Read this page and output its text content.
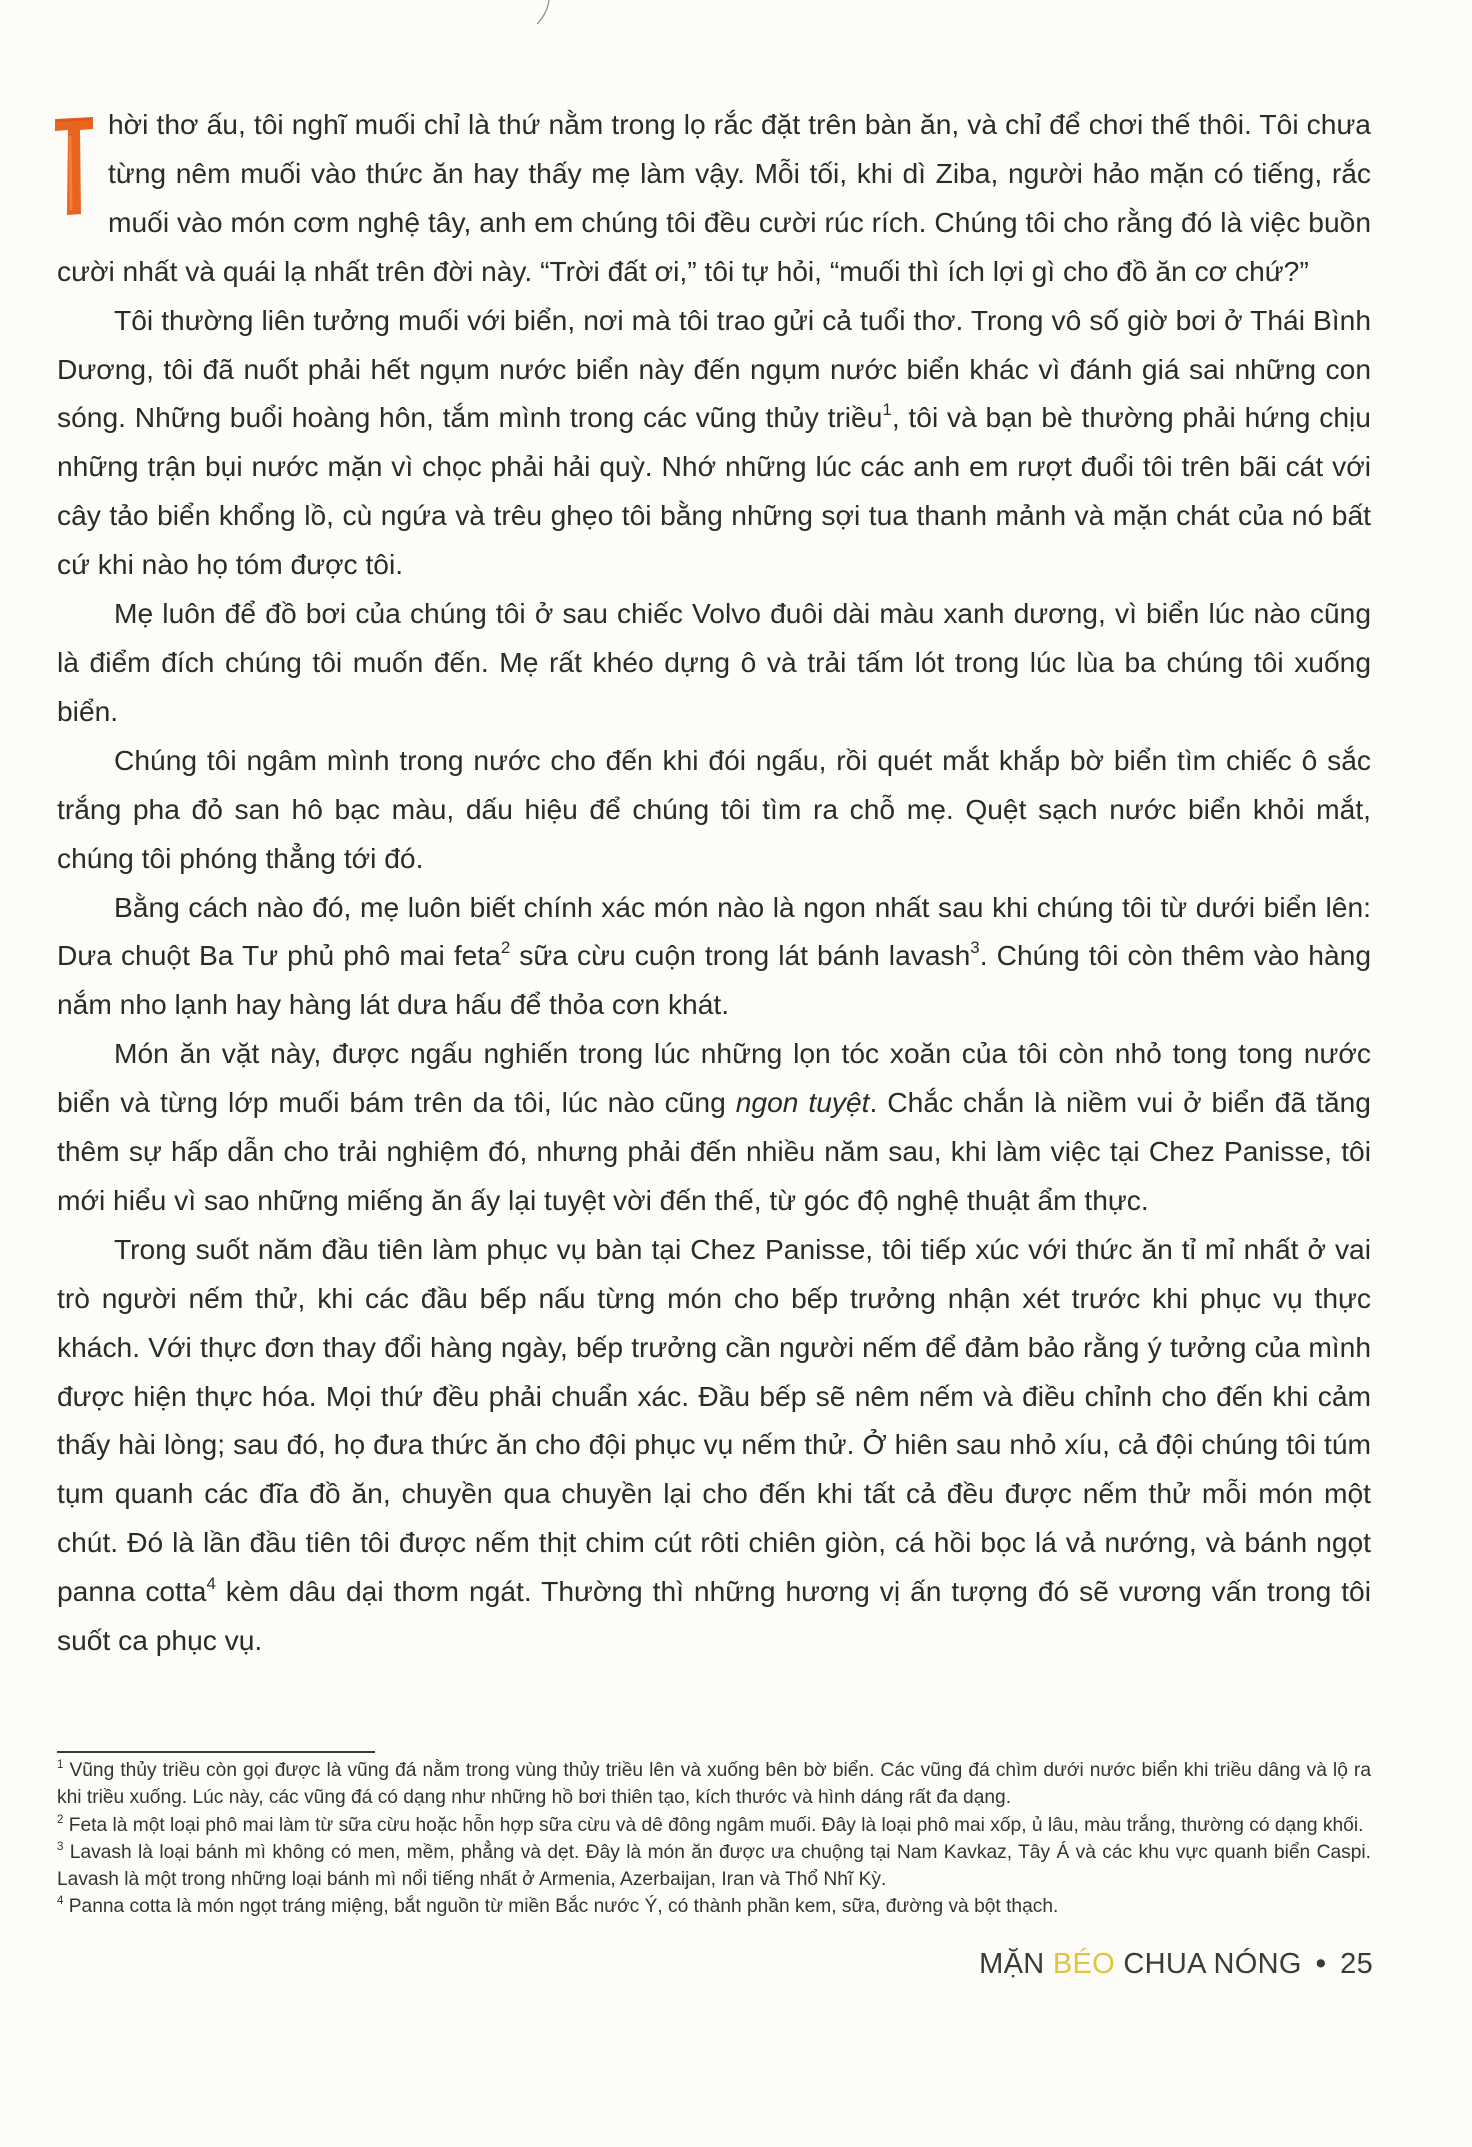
hời thơ ấu, tôi nghĩ muối chỉ là thứ nằm trong lọ rắc đặt trên bàn ăn, và chỉ để chơi thế thôi. Tôi chưa từng nêm muối vào thức ăn hay thấy mẹ làm vậy. Mỗi tối, khi dì Ziba, người hảo mặn có tiếng, rắc muối vào món cơm nghệ tây, anh em chúng tôi đều cười rúc rích. Chúng tôi cho rằng đó là việc buồn cười nhất và quái lạ nhất trên đời này. “Trời đất ơi,” tôi tự hỏi, “muối thì ích lợi gì cho đồ ăn cơ chứ?”

Tôi thường liên tưởng muối với biển, nơi mà tôi trao gửi cả tuổi thơ. Trong vô số giờ bơi ở Thái Bình Dương, tôi đã nuốt phải hết ngụm nước biển này đến ngụm nước biển khác vì đánh giá sai những con sóng. Những buổi hoàng hôn, tắm mình trong các vũng thủy triều$^1$, tôi và bạn bè thường phải hứng chịu những trận bụi nước mặn vì chọc phải hải quỳ. Nhớ những lúc các anh em rượt đuổi tôi trên bãi cát với cây tảo biển khổng lồ, cù ngứa và trêu ghẹo tôi bằng những sợi tua thanh mảnh và mặn chát của nó bất cứ khi nào họ tóm được tôi.

Mẹ luôn để đồ bơi của chúng tôi ở sau chiếc Volvo đuôi dài màu xanh dương, vì biển lúc nào cũng là điểm đích chúng tôi muốn đến. Mẹ rất khéo dựng ô và trải tấm lót trong lúc lùa ba chúng tôi xuống biển.

Chúng tôi ngâm mình trong nước cho đến khi đói ngấu, rồi quét mắt khắp bờ biển tìm chiếc ô sắc trắng pha đỏ san hô bạc màu, dấu hiệu để chúng tôi tìm ra chỗ mẹ. Quệt sạch nước biển khỏi mắt, chúng tôi phóng thẳng tới đó.

Bằng cách nào đó, mẹ luôn biết chính xác món nào là ngon nhất sau khi chúng tôi từ dưới biển lên: Dưa chuột Ba Tư phủ phô mai feta$^2$ sữa cừu cuộn trong lát bánh lavash$^3$. Chúng tôi còn thêm vào hàng nắm nho lạnh hay hàng lát dưa hấu để thỏa cơn khát.

Món ăn vặt này, được ngấu nghiến trong lúc những lọn tóc xoăn của tôi còn nhỏ tong tong nước biển và từng lớp muối bám trên da tôi, lúc nào cũng ngon tuyệt. Chắc chắn là niềm vui ở biển đã tăng thêm sự hấp dẫn cho trải nghiệm đó, nhưng phải đến nhiều năm sau, khi làm việc tại Chez Panisse, tôi mới hiểu vì sao những miếng ăn ấy lại tuyệt vời đến thế, từ góc độ nghệ thuật ẩm thực.

Trong suốt năm đầu tiên làm phục vụ bàn tại Chez Panisse, tôi tiếp xúc với thức ăn tỉ mỉ nhất ở vai trò người nếm thử, khi các đầu bếp nấu từng món cho bếp trưởng nhận xét trước khi phục vụ thực khách. Với thực đơn thay đổi hàng ngày, bếp trưởng cần người nếm để đảm bảo rằng ý tưởng của mình được hiện thực hóa. Mọi thứ đều phải chuẩn xác. Đầu bếp sẽ nêm nếm và điều chỉnh cho đến khi cảm thấy hài lòng; sau đó, họ đưa thức ăn cho đội phục vụ nếm thử. Ở hiên sau nhỏ xíu, cả đội chúng tôi túm tụm quanh các đĩa đồ ăn, chuyền qua chuyền lại cho đến khi tất cả đều được nếm thử mỗi món một chút. Đó là lần đầu tiên tôi được nếm thịt chim cút rôti chiên giòn, cá hồi bọc lá vả nướng, và bánh ngọt panna cotta$^4$ kèm dâu dại thơm ngát. Thường thì những hương vị ấn tượng đó sẽ vương vấn trong tôi suốt ca phục vụ.

$^1$ Vũng thủy triều còn gọi được là vũng đá nằm trong vùng thủy triều lên và xuống bên bờ biển. Các vũng đá chìm dưới nước biển khi triều dâng và lộ ra khi triều xuống. Lúc này, các vũng đá có dạng như những hồ bơi thiên tạo, kích thước và hình dáng rất đa dạng.

$^2$ Feta là một loại phô mai làm từ sữa cừu hoặc hỗn hợp sữa cừu và dê đông ngâm muối. Đây là loại phô mai xốp, ủ lâu, màu trắng, thường có dạng khối.

$^3$ Lavash là loại bánh mì không có men, mềm, phẳng và dẹt. Đây là món ăn được ưa chuộng tại Nam Kavkaz, Tây Á và các khu vực quanh biển Caspi. Lavash là một trong những loại bánh mì nổi tiếng nhất ở Armenia, Azerbaijan, Iran và Thổ Nhĩ Kỳ.

$^4$ Panna cotta là món ngọt tráng miệng, bắt nguồn từ miền Bắc nước Ý, có thành phần kem, sữa, đường và bột thạch.

MẶN BÉO CHUA NÓNG • 25
